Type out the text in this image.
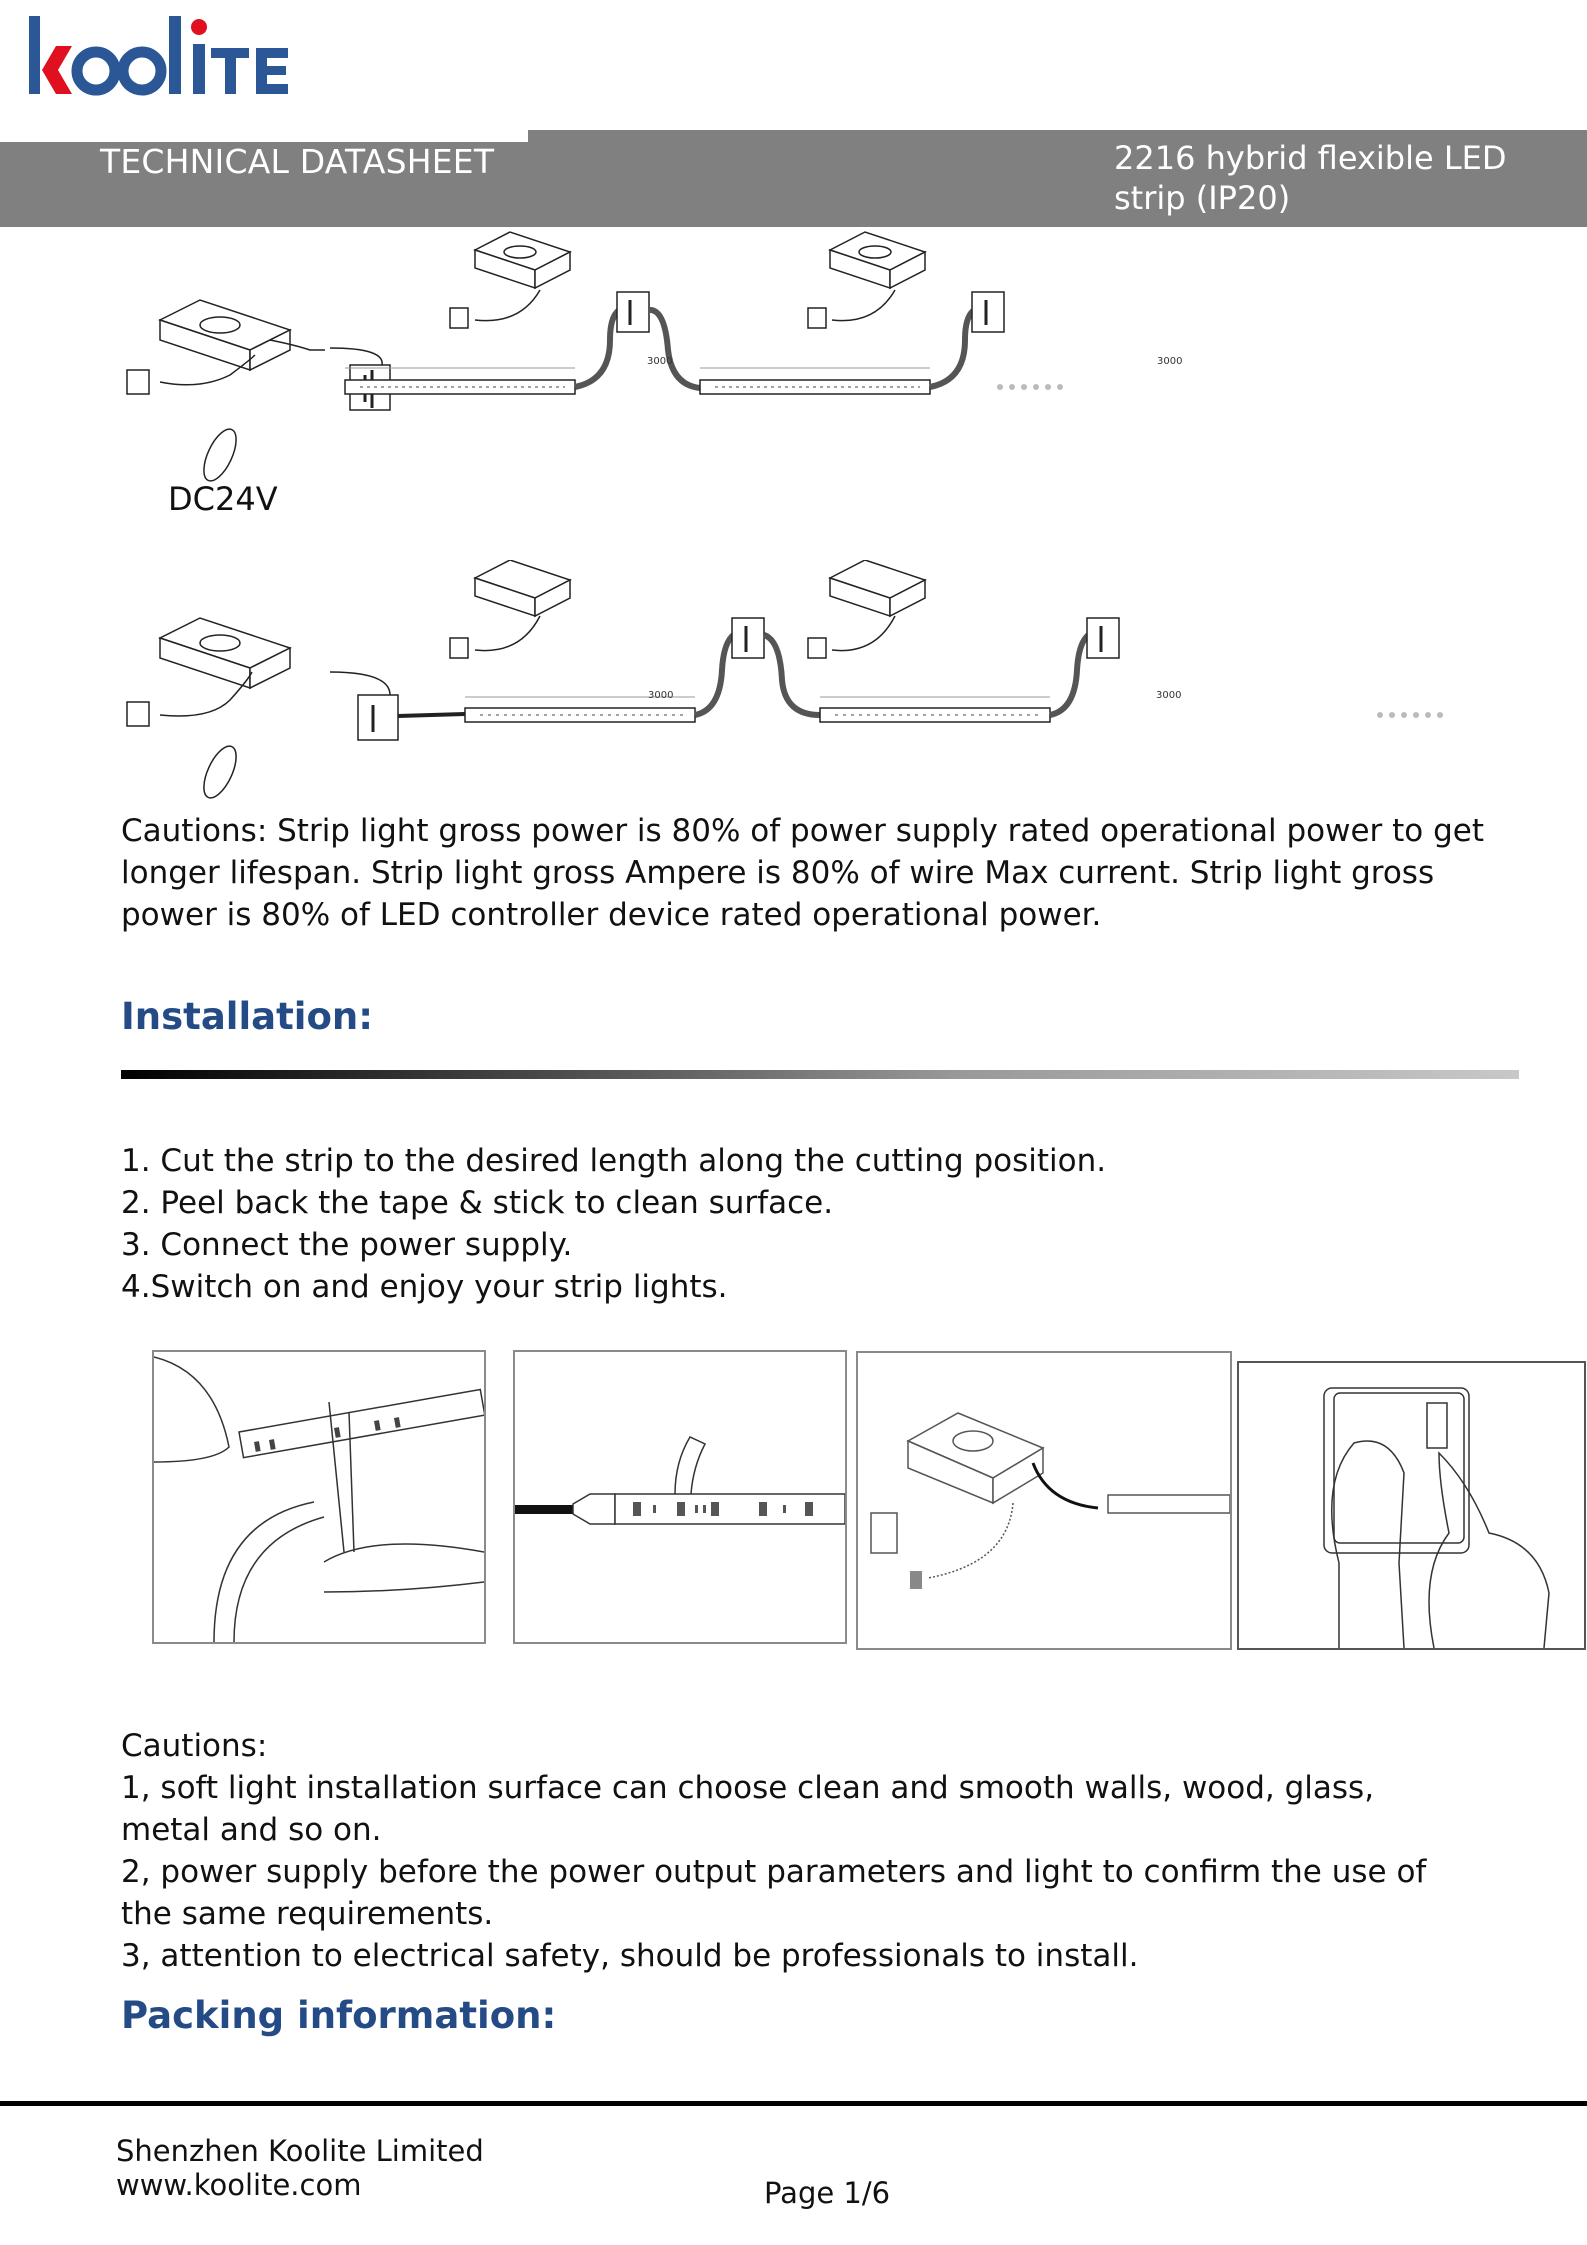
TECHNICAL DATASHEET	2216 hybrid flexible LED
strip (IP20)
DC24V
3000	3000
3000	3000
Cautions: Strip light gross power is 80% of power supply rated operational power to get longer lifespan. Strip light gross Ampere is 80% of wire Max current. Strip light gross power is 80% of LED controller device rated operational power.
Installation:
1. Cut the strip to the desired length along the cutting position.
2. Peel back the tape & stick to clean surface.
3. Connect the power supply.
4.Switch on and enjoy your strip lights.
Cautions:
1, soft light installation surface can choose clean and smooth walls, wood, glass,
metal and so on.
2, power supply before the power output parameters and light to confirm the use of
the same requirements.
3, attention to electrical safety, should be professionals to install.
Packing information:
Shenzhen Koolite Limited
www.koolite.com	Page 1/6
